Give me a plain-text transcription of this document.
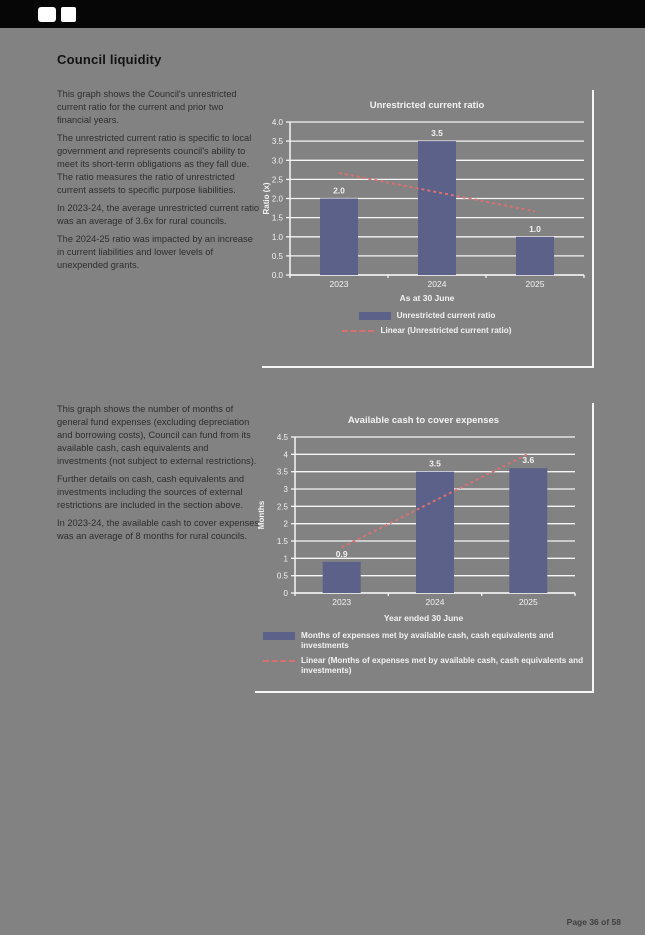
Council liquidity

This graph shows the Council's unrestricted current ratio for the current and prior two financial years.

The unrestricted current ratio is specific to local government and represents council's ability to meet its short-term obligations as they fall due. The ratio measures the ratio of unrestricted current assets to specific purpose liabilities.

In 2023-24, the average unrestricted current ratio was an average of 3.6x for rural councils.

The 2024-25 ratio was impacted by an increase in current liabilities and lower levels of unexpended grants.

Unrestricted current ratio
0.0
0.5
1.0
1.5
2.0
2.5
3.0
3.5
4.0
2.0
2023
3.5
2024
1.0
2025
Ratio (x)
As at 30 June
Unrestricted current ratio
Linear (Unrestricted current ratio)

This graph shows the number of months of general fund expenses (excluding depreciation and borrowing costs), Council can fund from its available cash, cash equivalents and investments (not subject to external restrictions).

Further details on cash, cash equivalents and investments including the sources of external restrictions are included in the section above.

In 2023-24, the available cash to cover expenses was an average of 8 months for rural councils.

Available cash to cover expenses
0
0.5
1
1.5
2
2.5
3
3.5
4
4.5
0.9
2023
3.5
2024
3.6
2025
Months
Year ended 30 June
Months of expenses met by available cash, cash equivalents and investments
Linear (Months of expenses met by available cash, cash equivalents and investments)
Page 36 of 58
